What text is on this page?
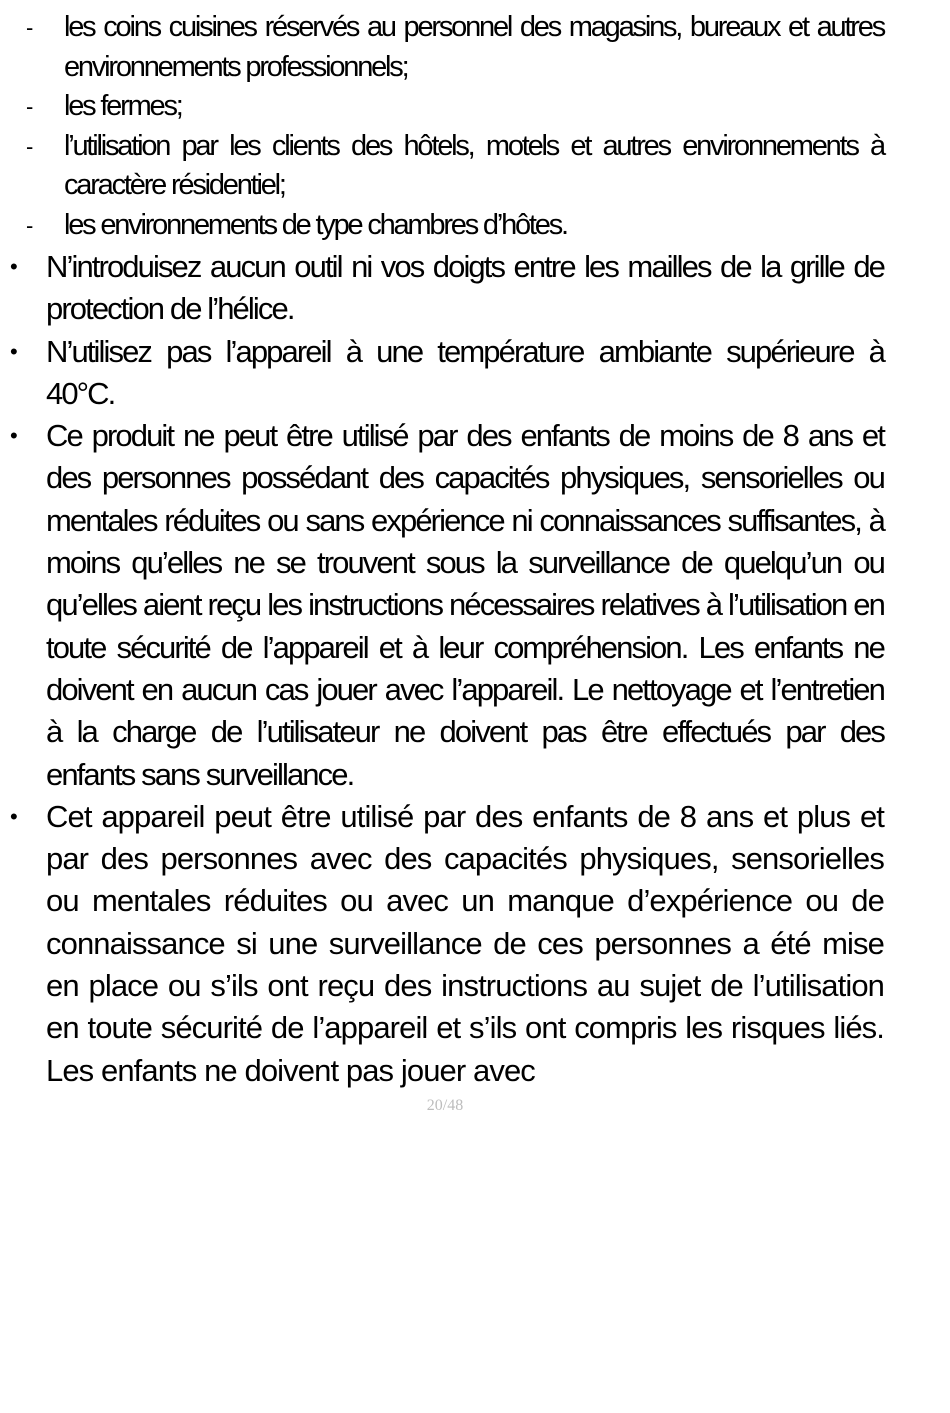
- les coins cuisines réservés au personnel des magasins, bureaux et autres environnements professionnels;
- les fermes;
- l’utilisation par les clients des hôtels, motels et autres environnements à caractère résidentiel;
- les environnements de type chambres d’hôtes.
• N’introduisez aucun outil ni vos doigts entre les mailles de la grille de protection de l’hélice.
• N’utilisez pas l’appareil à une température ambiante supérieure à 40°C.
• Ce produit ne peut être utilisé par des enfants de moins de 8 ans et des personnes possédant des capacités physiques, sensorielles ou mentales réduites ou sans expérience ni connaissances suffisantes, à moins qu’elles ne se trouvent sous la surveillance de quelqu’un ou qu’elles aient reçu les instructions nécessaires relatives à l’utilisation en toute sécurité de l’appareil et à leur compréhension. Les enfants ne doivent en aucun cas jouer avec l’appareil. Le nettoyage et l’entretien à la charge de l’utilisateur ne doivent pas être effectués par des enfants sans surveillance.
• Cet appareil peut être utilisé par des enfants de 8 ans et plus et par des personnes avec des capacités physiques, sensorielles ou mentales réduites ou avec un manque d’expérience ou de connaissance si une surveillance de ces personnes a été mise en place ou s’ils ont reçu des instructions au sujet de l’utilisation en toute sécurité de l’appareil et s’ils ont compris les risques liés. Les enfants ne doivent pas jouer avec
20/48
